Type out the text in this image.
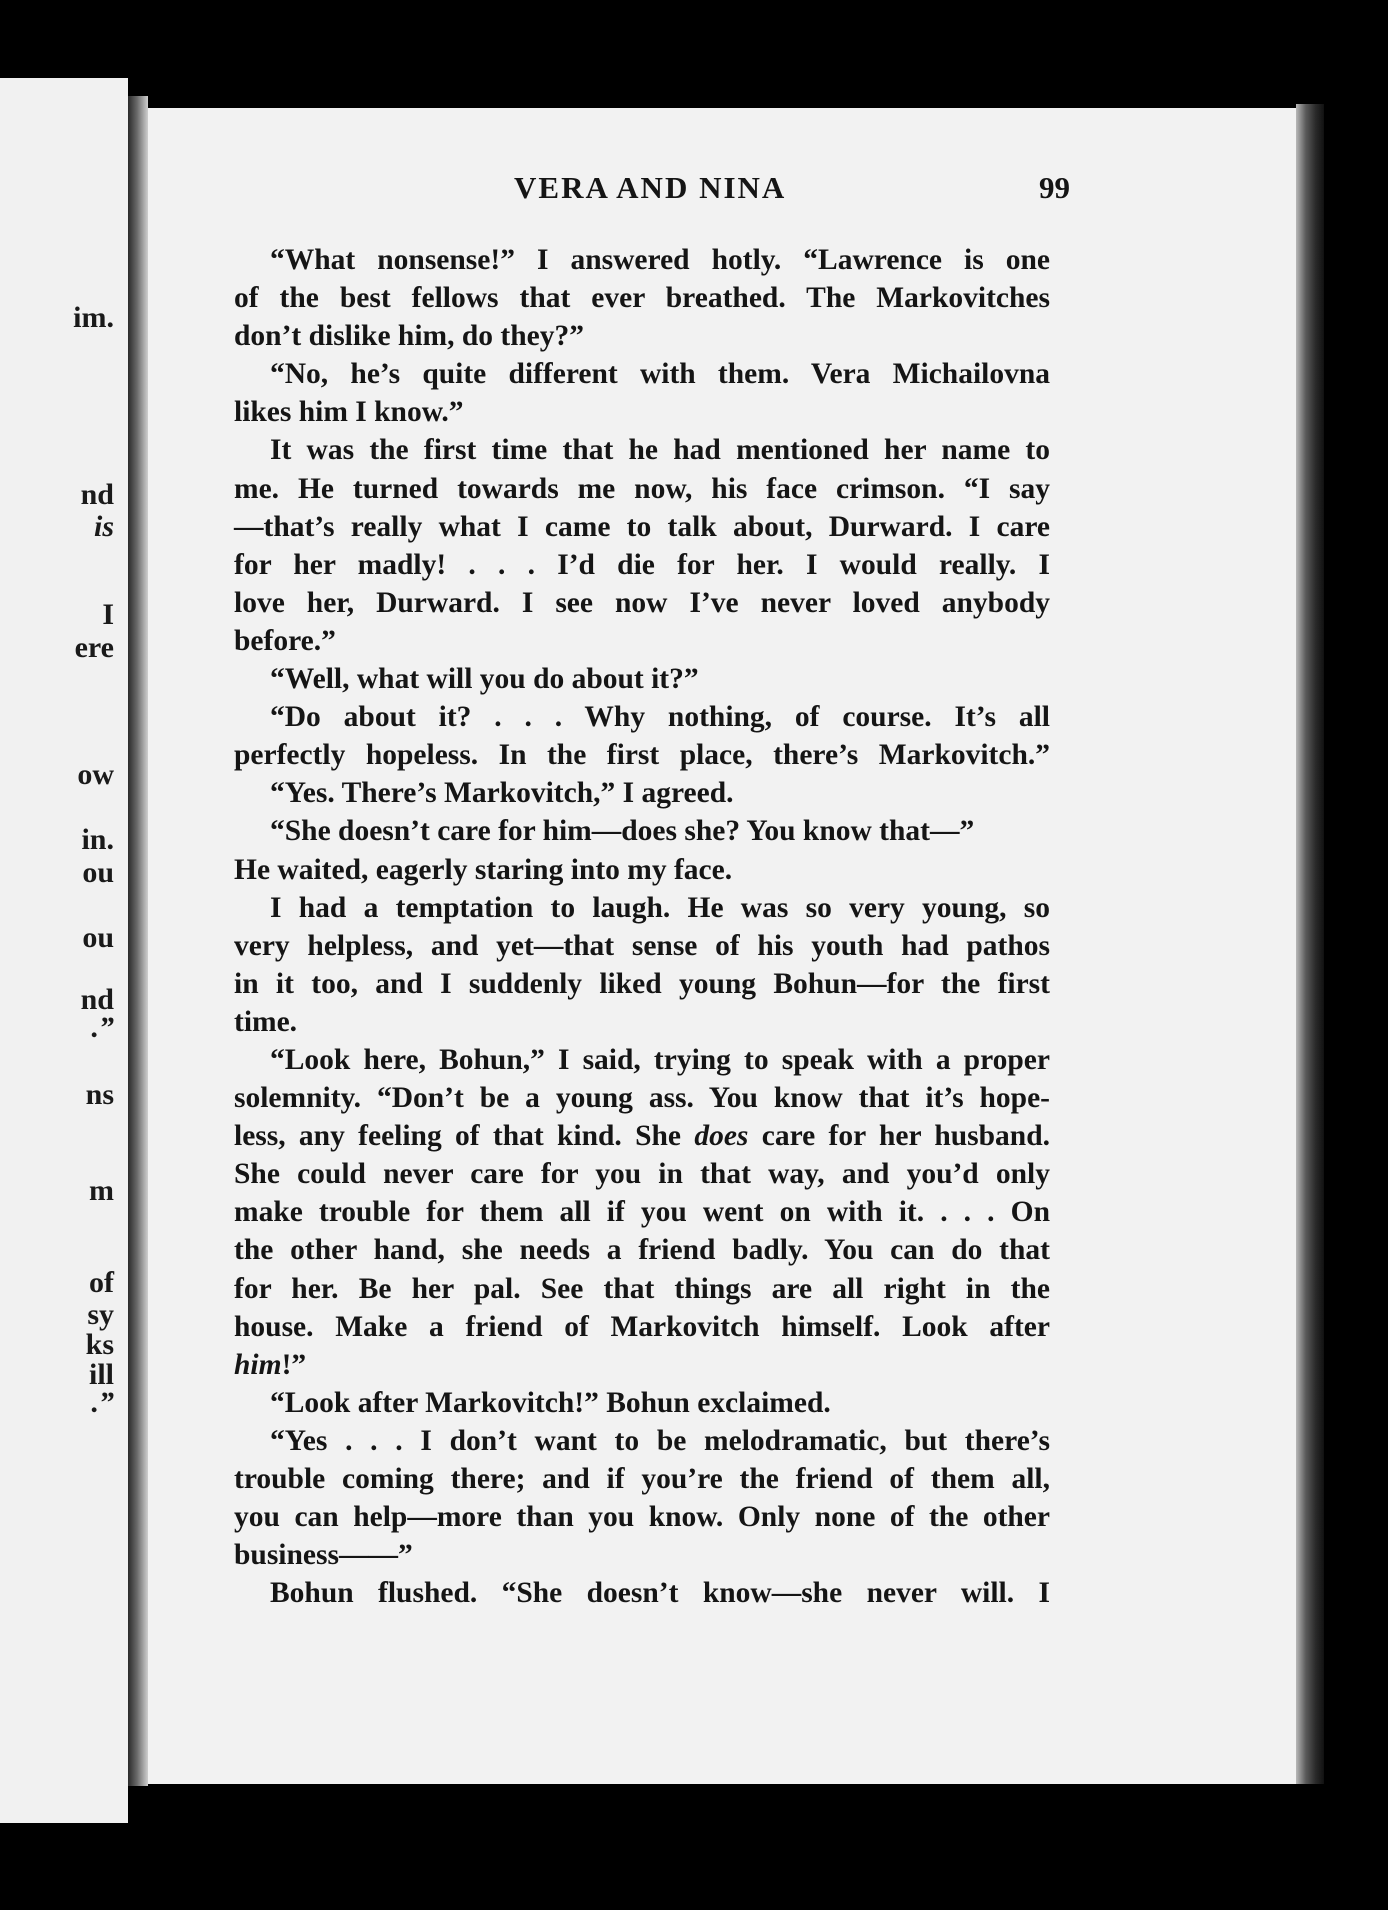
im.
nd
is
I
ere
ow
in.
ou
ou
nd
.”
ns
m
of
sy
ks
ill
.”
VERA AND NINA	99

“What nonsense!” I answered hotly. “Lawrence is one

of the best fellows that ever breathed. The Markovitches

don’t dislike him, do they?”

“No, he’s quite different with them. Vera Michailovna

likes him I know.”

It was the first time that he had mentioned her name to

me. He turned towards me now, his face crimson. “I say

—that’s really what I came to talk about, Durward. I care

for her madly! . . . I’d die for her. I would really. I

love her, Durward. I see now I’ve never loved anybody

before.”

“Well, what will you do about it?”

“Do about it? . . . Why nothing, of course. It’s all

perfectly hopeless. In the first place, there’s Markovitch.”

“Yes. There’s Markovitch,” I agreed.

“She doesn’t care for him—does she? You know that—”

He waited, eagerly staring into my face.

I had a temptation to laugh. He was so very young, so

very helpless, and yet—that sense of his youth had pathos

in it too, and I suddenly liked young Bohun—for the first

time.

“Look here, Bohun,” I said, trying to speak with a proper

solemnity. “Don’t be a young ass. You know that it’s hope-

less, any feeling of that kind. She does care for her husband.

She could never care for you in that way, and you’d only

make trouble for them all if you went on with it. . . . On

the other hand, she needs a friend badly. You can do that

for her. Be her pal. See that things are all right in the

house. Make a friend of Markovitch himself. Look after

him!”

“Look after Markovitch!” Bohun exclaimed.

“Yes . . . I don’t want to be melodramatic, but there’s

trouble coming there; and if you’re the friend of them all,

you can help—more than you know. Only none of the other

business——”

Bohun flushed. “She doesn’t know—she never will. I
